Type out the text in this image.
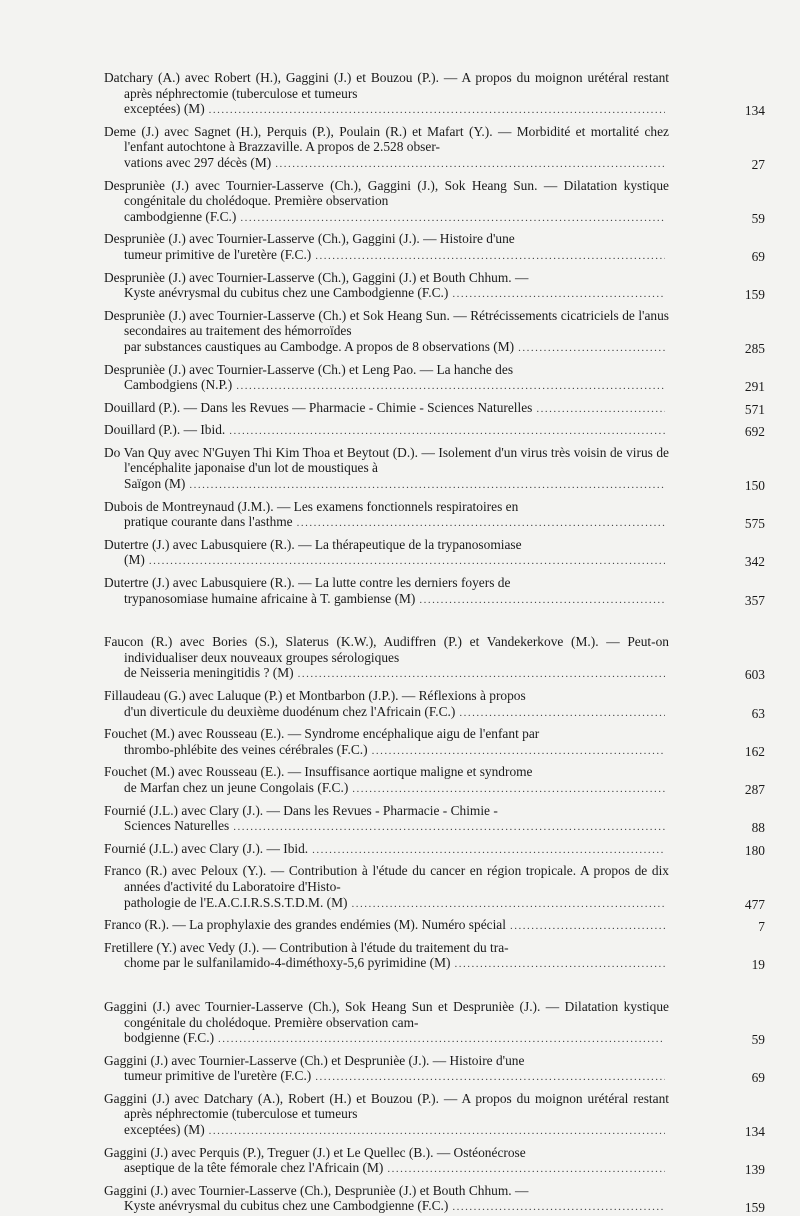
Datchary (A.) avec Robert (H.), Gaggini (J.) et Bouzou (P.). — A propos du moignon urétéral restant après néphrectomie (tuberculose et tumeurs
exceptées) (M) .....	134
Deme (J.) avec Sagnet (H.), Perquis (P.), Poulain (R.) et Mafart (Y.). — Morbidité et mortalité chez l'enfant autochtone à Brazzaville. A propos de 2.528 obser-
vations avec 297 décès (M) .....	27
Desprunièe (J.) avec Tournier-Lasserve (Ch.), Gaggini (J.), Sok Heang Sun. — Dilatation kystique congénitale du cholédoque. Première observation
cambodgienne (F.C.) .....	59
Desprunièe (J.) avec Tournier-Lasserve (Ch.), Gaggini (J.). — Histoire d'une
tumeur primitive de l'uretère (F.C.) .....	69
Desprunièe (J.) avec Tournier-Lasserve (Ch.), Gaggini (J.) et Bouth Chhum. —
Kyste anévrysmal du cubitus chez une Cambodgienne (F.C.) .....	159
Desprunièe (J.) avec Tournier-Lasserve (Ch.) et Sok Heang Sun. — Rétrécissements cicatriciels de l'anus secondaires au traitement des hémorroïdes
par substances caustiques au Cambodge. A propos de 8 observations (M) .....	285
Desprunièe (J.) avec Tournier-Lasserve (Ch.) et Leng Pao. — La hanche des
Cambodgiens (N.P.) .....	291
Douillard (P.). — Dans les Revues — Pharmacie - Chimie - Sciences Naturelles .....	571
Douillard (P.). — Ibid. .....	692
Do Van Quy avec N'Guyen Thi Kim Thoa et Beytout (D.). — Isolement d'un virus très voisin de virus de l'encéphalite japonaise d'un lot de moustiques à
Saïgon (M) .....	150
Dubois de Montreynaud (J.M.). — Les examens fonctionnels respiratoires en
pratique courante dans l'asthme .....	575
Dutertre (J.) avec Labusquiere (R.). — La thérapeutique de la trypanosomiase
(M) .....	342
Dutertre (J.) avec Labusquiere (R.). — La lutte contre les derniers foyers de
trypanosomiase humaine africaine à T. gambiense (M) .....	357
Faucon (R.) avec Bories (S.), Slaterus (K.W.), Audiffren (P.) et Vandekerkove (M.). — Peut-on individualiser deux nouveaux groupes sérologiques
de Neisseria meningitidis ? (M) .....	603
Fillaudeau (G.) avec Laluque (P.) et Montbarbon (J.P.). — Réflexions à propos
d'un diverticule du deuxième duodénum chez l'Africain (F.C.) .....	63
Fouchet (M.) avec Rousseau (E.). — Syndrome encéphalique aigu de l'enfant par
thrombo-phlébite des veines cérébrales (F.C.) .....	162
Fouchet (M.) avec Rousseau (E.). — Insuffisance aortique maligne et syndrome
de Marfan chez un jeune Congolais (F.C.) .....	287
Fournié (J.L.) avec Clary (J.). — Dans les Revues - Pharmacie - Chimie -
Sciences Naturelles .....	88
Fournié (J.L.) avec Clary (J.). — Ibid. .....	180
Franco (R.) avec Peloux (Y.). — Contribution à l'étude du cancer en région tropicale. A propos de dix années d'activité du Laboratoire d'Histo-
pathologie de l'E.A.C.I.R.S.S.T.D.M. (M) .....	477
Franco (R.). — La prophylaxie des grandes endémies (M). Numéro spécial .....	7
Fretillere (Y.) avec Vedy (J.). — Contribution à l'étude du traitement du tra-
chome par le sulfanilamido-4-diméthoxy-5,6 pyrimidine (M) .....	19
Gaggini (J.) avec Tournier-Lasserve (Ch.), Sok Heang Sun et Desprunièe (J.). — Dilatation kystique congénitale du cholédoque. Première observation cam-
bodgienne (F.C.) .....	59
Gaggini (J.) avec Tournier-Lasserve (Ch.) et Desprunièe (J.). — Histoire d'une
tumeur primitive de l'uretère (F.C.) .....	69
Gaggini (J.) avec Datchary (A.), Robert (H.) et Bouzou (P.). — A propos du moignon urétéral restant après néphrectomie (tuberculose et tumeurs
exceptées) (M) .....	134
Gaggini (J.) avec Perquis (P.), Treguer (J.) et Le Quellec (B.). — Ostéonécrose
aseptique de la tête fémorale chez l'Africain (M) .....	139
Gaggini (J.) avec Tournier-Lasserve (Ch.), Desprunièe (J.) et Bouth Chhum. —
Kyste anévrysmal du cubitus chez une Cambodgienne (F.C.) .....	159
